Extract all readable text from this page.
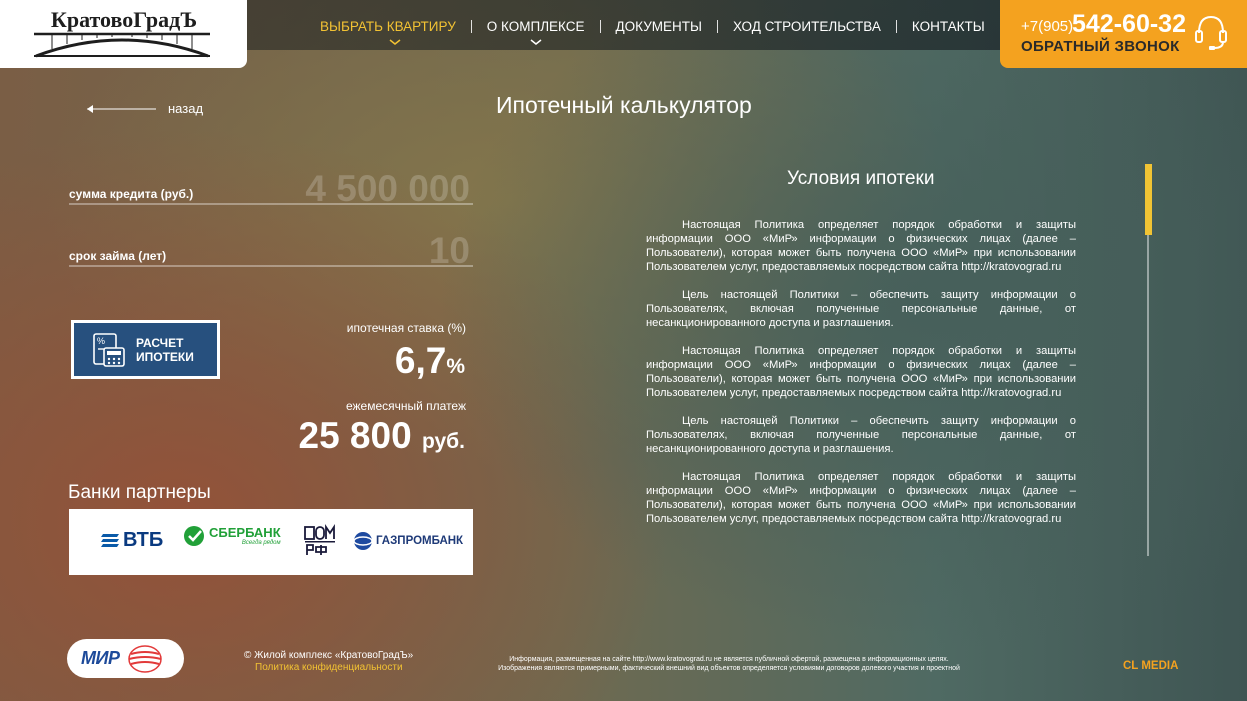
КратовоГрадЪ	ВЫБРАТЬ КВАРТИРУ	О КОМПЛЕКСЕ	ДОКУМЕНТЫ	ХОД СТРОИТЕЛЬСТВА	КОНТАКТЫ	+7(905)
542-60-32
ОБРАТНЫЙ ЗВОНОК
назад	Ипотечный калькулятор
сумма кредита (руб.)	4 500 000
срок займа (лет)	10
%	РАСЧЕТ
ИПОТЕКИ
ипотечная ставка (%)
6,7%
ежемесячный платеж
25 800 руб.
Банки партнеры
ВТБ	СБЕРБАНК
Всегда рядом	ГАЗПРОМБАНК
Условия ипотеки

Настоящая Политика определяет порядок обработки и защиты информации ООО «МиР» информации о физических лицах (далее – Пользователи), которая может быть получена ООО «МиР» при использовании Пользователем услуг, предоставляемых посредством сайта http://kratovograd.ru

Цель настоящей Политики – обеспечить защиту информации о Пользователях, включая полученные персональные данные, от несанкционированного доступа и разглашения.

Настоящая Политика определяет порядок обработки и защиты информации ООО «МиР» информации о физических лицах (далее – Пользователи), которая может быть получена ООО «МиР» при использовании Пользователем услуг, предоставляемых посредством сайта http://kratovograd.ru

Цель настоящей Политики – обеспечить защиту информации о Пользователях, включая полученные персональные данные, от несанкционированного доступа и разглашения.

Настоящая Политика определяет порядок обработки и защиты информации ООО «МиР» информации о физических лицах (далее – Пользователи), которая может быть получена ООО «МиР» при использовании Пользователем услуг, предоставляемых посредством сайта http://kratovograd.ru

МИР	© Жилой комплекс «КратовоГрадЪ»
Политика конфиденциальности
Информация, размещенная на сайте http://www.kratovograd.ru не является публичной офертой, размещена в информационных целях.
Изображения являются примерными, фактический внешний вид объектов определяется условиями договоров долевого участия и проектной	CL MEDIA
